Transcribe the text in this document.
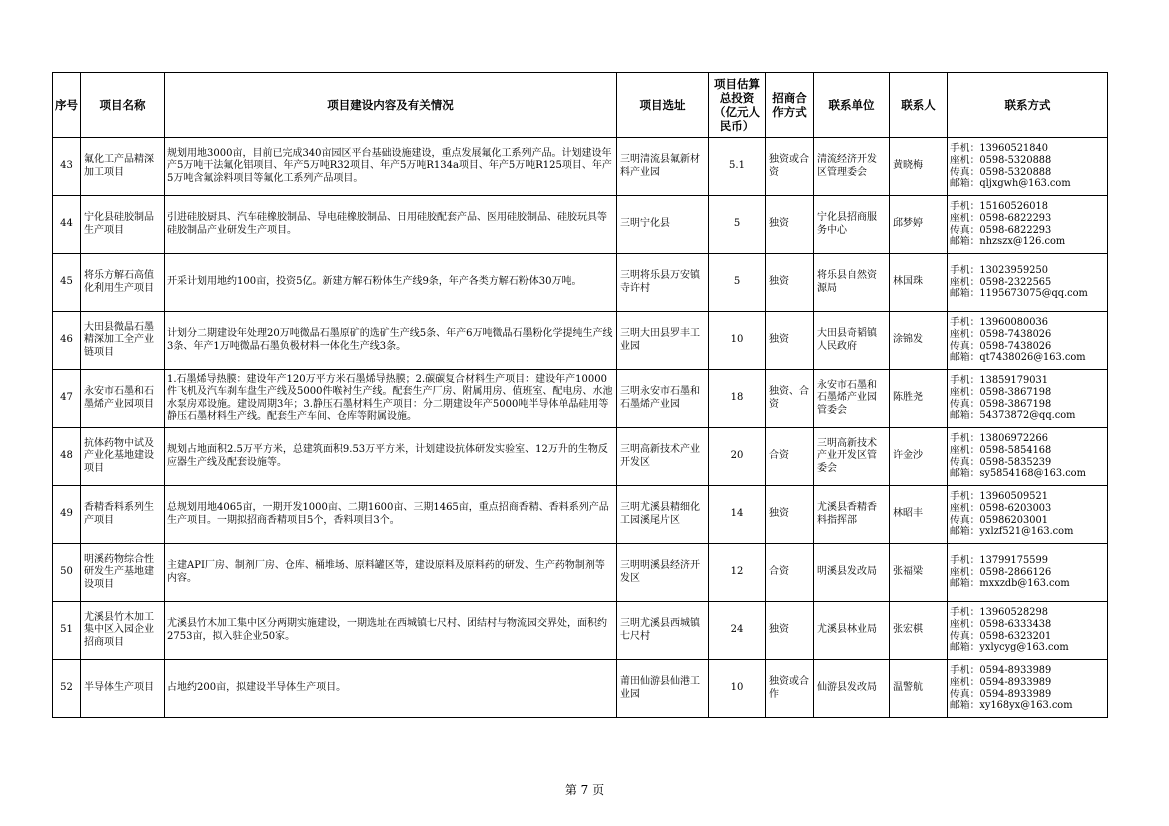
序号	项目名称	项目建设内容及有关情况	项目选址	项目估算总投资（亿元人民币）	招商合作方式	联系单位	联系人	联系方式
43	氟化工产品精深加工项目	规划用地3000亩，目前已完成340亩园区平台基础设施建设，重点发展氟化工系列产品。计划建设年产5万吨干法氟化铝项目、年产5万吨R32项目、年产5万吨R134a项目、年产5万吨R125项目、年产5万吨含氟涂料项目等氟化工系列产品项目。	三明清流县氟新材料产业园	5.1	独资或合资	清流经济开发区管理委会	黄晓梅	手机：13960521840
座机：0598-5320888
传真：0598-5320888
邮箱：qljxgwh@163.com

44	宁化县硅胶制品生产项目	引进硅胶厨具、汽车硅橡胶制品、导电硅橡胶制品、日用硅胶配套产品、医用硅胶制品、硅胶玩具等硅胶制品产业研发生产项目。	三明宁化县	5	独资	宁化县招商服务中心	邱梦婷	手机：15160526018
座机：0598-6822293
传真：0598-6822293
邮箱：nhzszx@126.com

45	将乐方解石高值化利用生产项目	开采计划用地约100亩，投资5亿。新建方解石粉体生产线9条，年产各类方解石粉体30万吨。	三明将乐县万安镇寺许村	5	独资	将乐县自然资源局	林国珠	手机：13023959250
座机：0598-2322565
邮箱：1195673075@qq.com

46	大田县微晶石墨精深加工全产业链项目	计划分二期建设年处理20万吨微晶石墨原矿的选矿生产线5条、年产6万吨微晶石墨粉化学提纯生产线3条、年产1万吨微晶石墨负极材料一体化生产线3条。	三明大田县罗丰工业园	10	独资	大田县奇韬镇人民政府	涂锦发	手机：13960080036
座机：0598-7438026
传真：0598-7438026
邮箱：qt7438026@163.com

47	永安市石墨和石墨烯产业园项目	1.石墨烯导热膜：建设年产120万平方米石墨烯导热膜；2.碳碳复合材料生产项目：建设年产10000件飞机及汽车刹车盘生产线及5000件喉衬生产线。配套生产厂房、附属用房、值班室、配电房、水池水泵房邓设施。建设周期3年；3.静压石墨材料生产项目：分二期建设年产5000吨半导体单晶硅用等静压石墨材料生产线。配套生产车间、仓库等附属设施。	三明永安市石墨和石墨烯产业园	18	独资、合资	永安市石墨和石墨烯产业园管委会	陈胜尧	手机：13859179031
座机：0598-3867198
传真：0598-3867198
邮箱：54373872@qq.com

48	抗体药物中试及产业化基地建设项目	规划占地面积2.5万平方米，总建筑面积9.53万平方米，计划建设抗体研发实验室、12万升的生物反应器生产线及配套设施等。	三明高新技术产业开发区	20	合资	三明高新技术产业开发区管委会	许金沙	手机：13806972266
座机：0598-5854168
传真：0598-5835239
邮箱：sy5854168@163.com

49	香精香料系列生产项目	总规划用地4065亩，一期开发1000亩、二期1600亩、三期1465亩，重点招商香精、香料系列产品生产项目。一期拟招商香精项目5个，香料项目3个。	三明尤溪县精细化工园溪尾片区	14	独资	尤溪县香精香料指挥部	林昭丰	手机：13960509521
座机：0598-6203003
传真：05986203001
邮箱：yxlzf521@163.com

50	明溪药物综合性研发生产基地建设项目	主建API厂房、制剂厂房、仓库、桶堆场、原料罐区等，建设原料及原料药的研发、生产药物制剂等内容。	三明明溪县经济开发区	12	合资	明溪县发改局	张福梁	手机：13799175599
座机：0598-2866126
邮箱：mxxzdb@163.com

51	尤溪县竹木加工集中区入园企业招商项目	尤溪县竹木加工集中区分两期实施建设，一期选址在西城镇七尺村、团结村与物流园交界处，面积约2753亩，拟入驻企业50家。	三明尤溪县西城镇七尺村	24	独资	尤溪县林业局	张宏棋	手机：13960528298
座机：0598-6333438
传真：0598-6323201
邮箱：yxlycyg@163.com

52	半导体生产项目	占地约200亩，拟建设半导体生产项目。	莆田仙游县仙港工业园	10	独资或合作	仙游县发改局	温警航	手机：0594-8933989
座机：0594-8933989
传真：0594-8933989
邮箱：xy168yx@163.com
第 7 页
